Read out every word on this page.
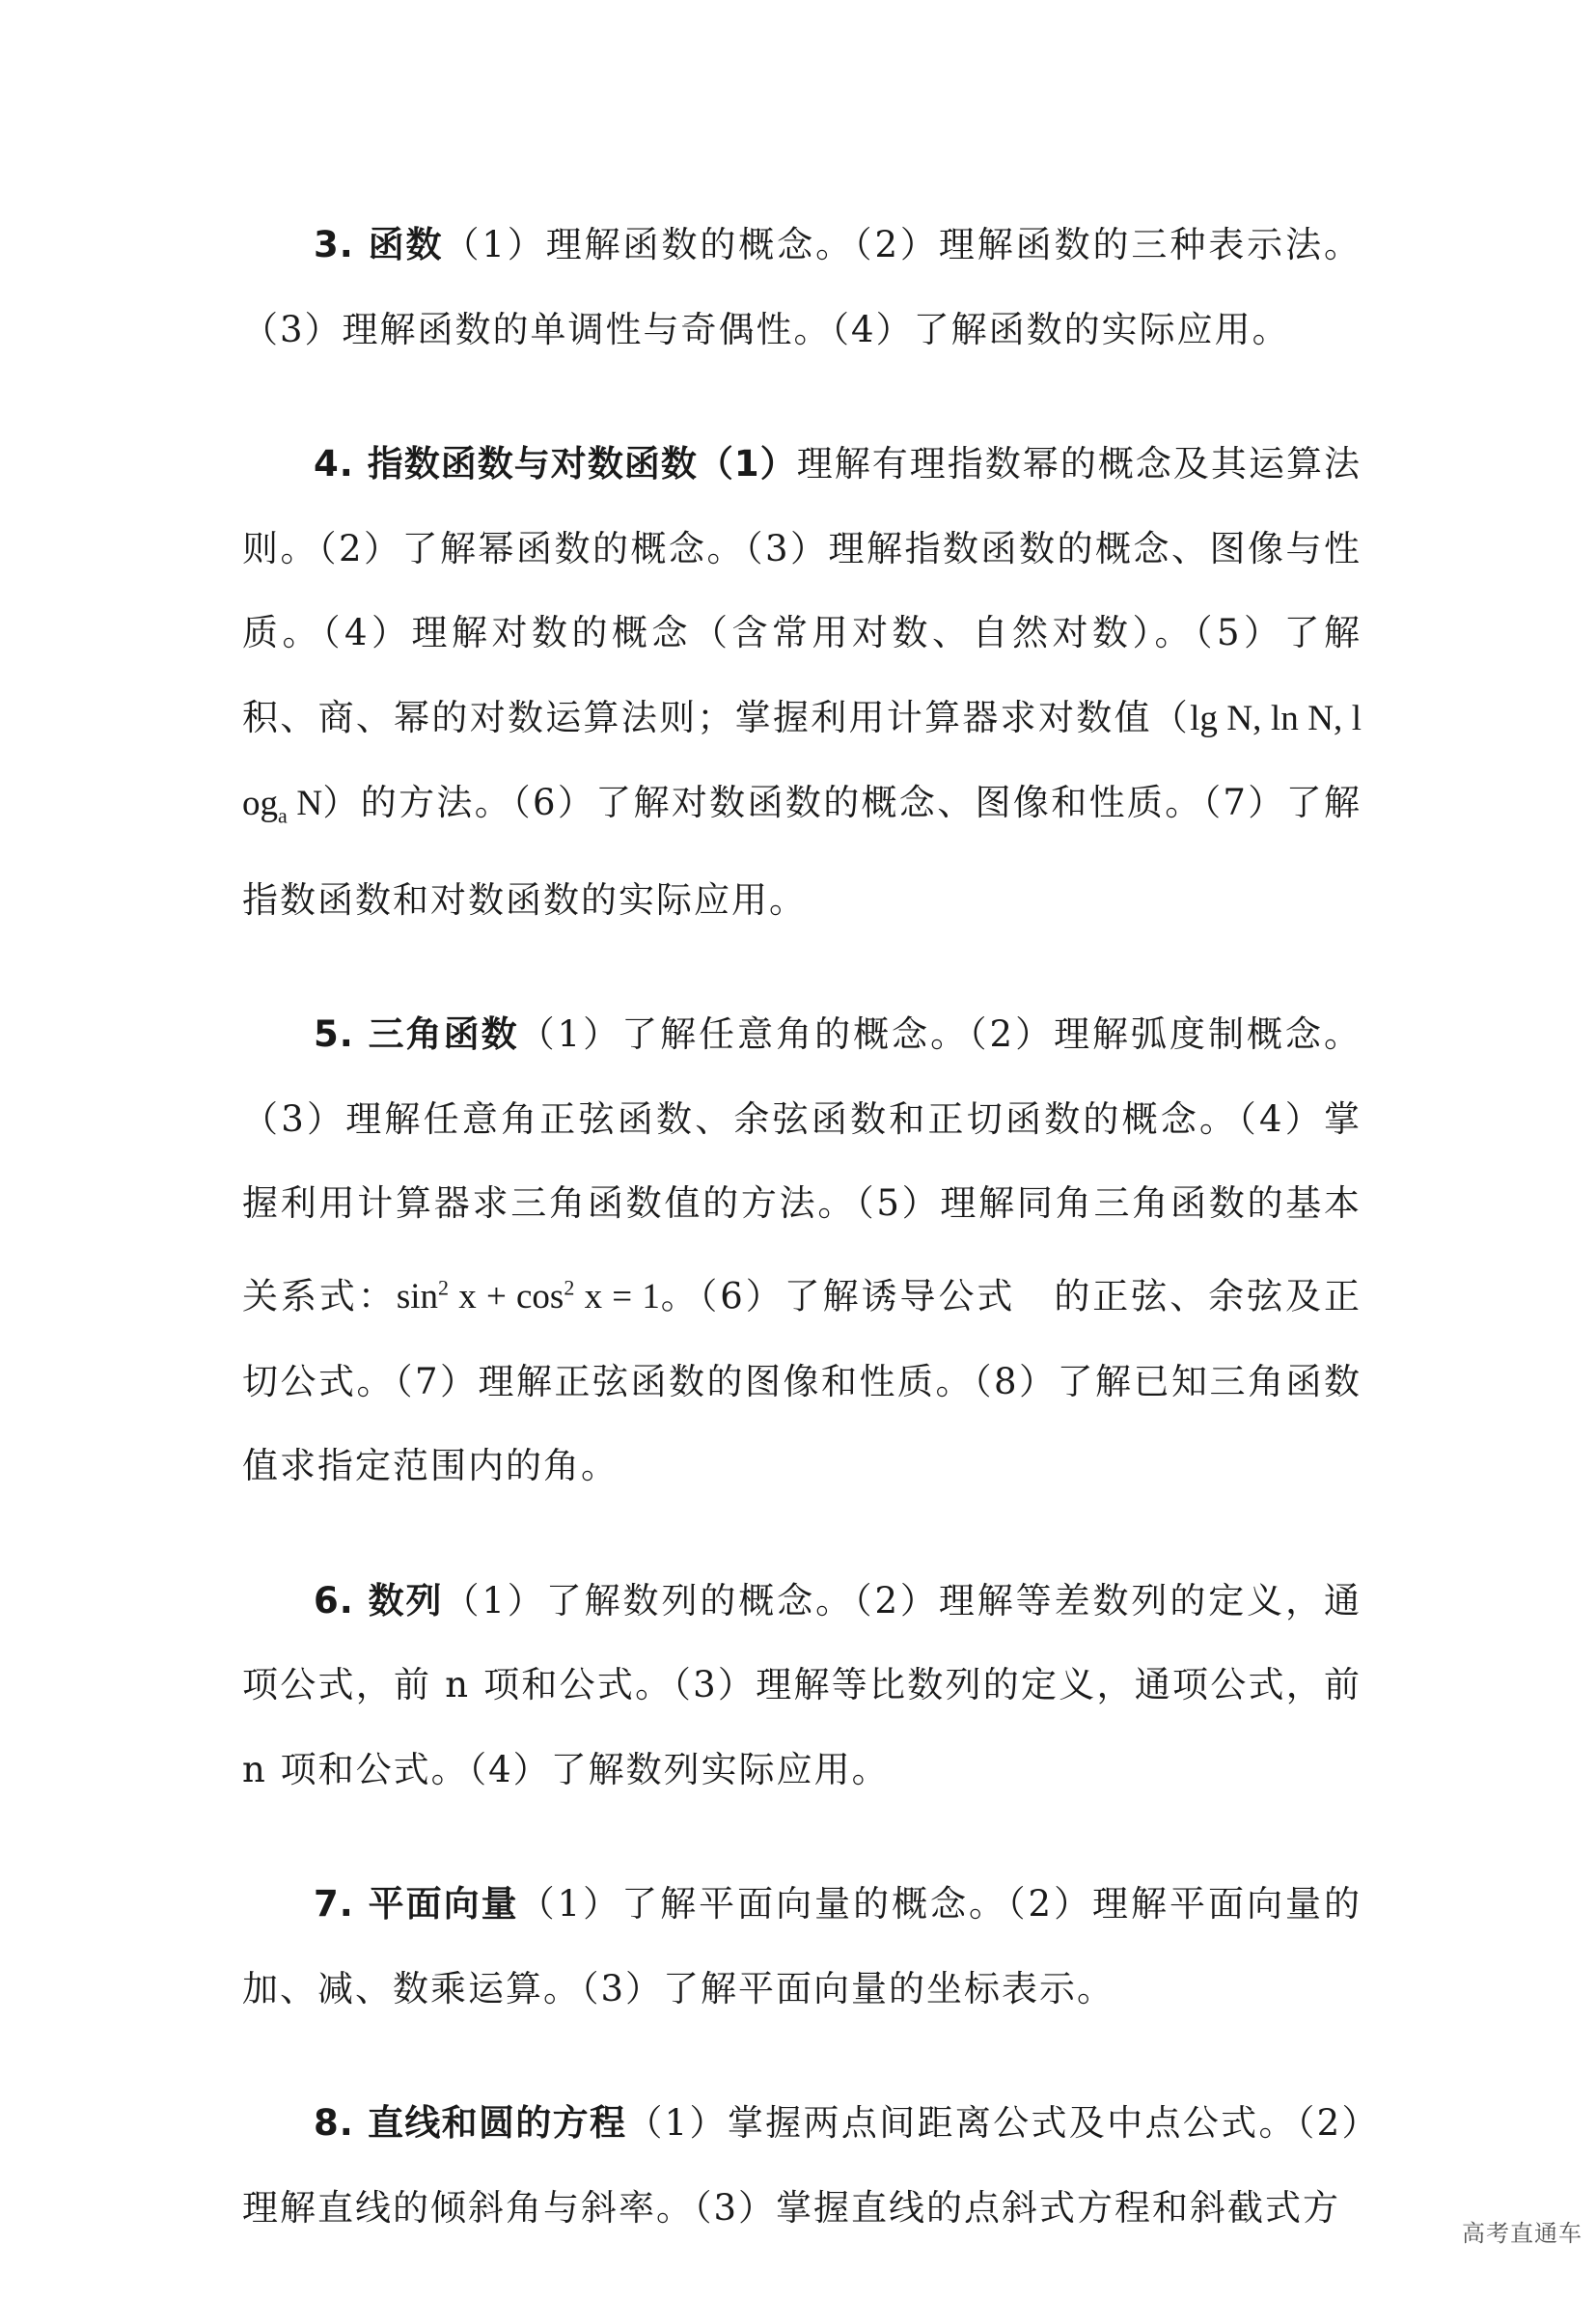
3. 函数（1）理解函数的概念。（2）理解函数的三种表示法。（3）理解函数的单调性与奇偶性。（4）了解函数的实际应用。

4. 指数函数与对数函数（1）理解有理指数幂的概念及其运算法则。（2）了解幂函数的概念。（3）理解指数函数的概念、图像与性质。（4）理解对数的概念（含常用对数、自然对数）。（5）了解积、商、幂的对数运算法则；掌握利用计算器求对数值（lg N, ln N, $\log_a N$）的方法。（6）了解对数函数的概念、图像和性质。（7）了解指数函数和对数函数的实际应用。

5. 三角函数（1）了解任意角的概念。（2）理解弧度制概念。（3）理解任意角正弦函数、余弦函数和正切函数的概念。（4）掌握利用计算器求三角函数值的方法。（5）理解同角三角函数的基本关系式：$\sin^2 x + \cos^2 x = 1$。（6）了解诱导公式　的正弦、余弦及正切公式。（7）理解正弦函数的图像和性质。（8）了解已知三角函数值求指定范围内的角。

6. 数列（1）了解数列的概念。（2）理解等差数列的定义，通项公式，前 n 项和公式。（3）理解等比数列的定义，通项公式，前 n 项和公式。（4）了解数列实际应用。

7. 平面向量（1）了解平面向量的概念。（2）理解平面向量的加、减、数乘运算。（3）了解平面向量的坐标表示。

8. 直线和圆的方程（1）掌握两点间距离公式及中点公式。（2）理解直线的倾斜角与斜率。（3）掌握直线的点斜式方程和斜截式方

高考直通车
